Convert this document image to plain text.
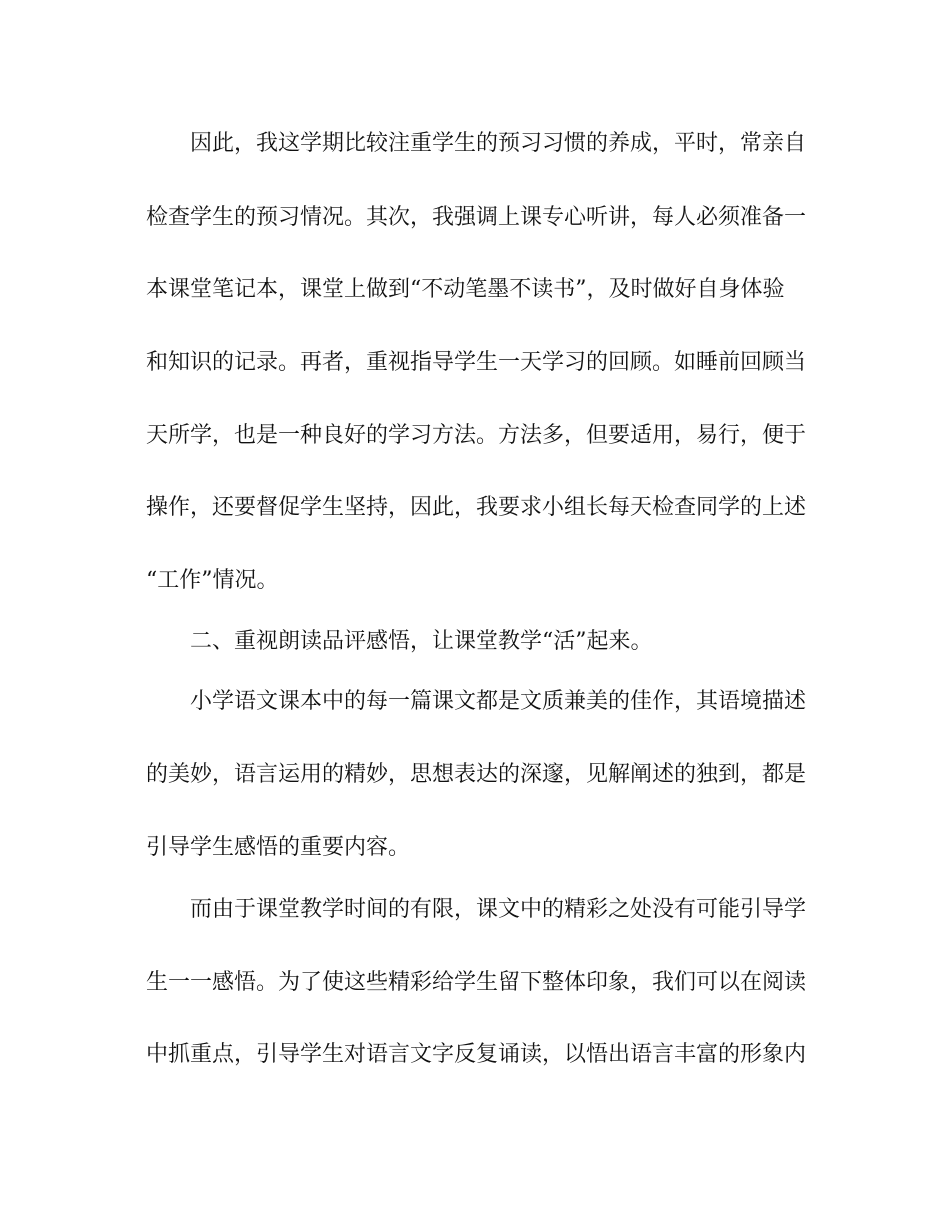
因此，我这学期比较注重学生的预习习惯的养成，平时，常亲自
检查学生的预习情况。其次，我强调上课专心听讲，每人必须准备一
本课堂笔记本，课堂上做到“不动笔墨不读书”，及时做好自身体验
和知识的记录。再者，重视指导学生一天学习的回顾。如睡前回顾当
天所学，也是一种良好的学习方法。方法多，但要适用，易行，便于
操作，还要督促学生坚持，因此，我要求小组长每天检查同学的上述
“工作”情况。
二、重视朗读品评感悟，让课堂教学“活”起来。
小学语文课本中的每一篇课文都是文质兼美的佳作，其语境描述
的美妙，语言运用的精妙，思想表达的深邃，见解阐述的独到，都是
引导学生感悟的重要内容。
而由于课堂教学时间的有限，课文中的精彩之处没有可能引导学
生一一感悟。为了使这些精彩给学生留下整体印象，我们可以在阅读
中抓重点，引导学生对语言文字反复诵读，以悟出语言丰富的形象内
